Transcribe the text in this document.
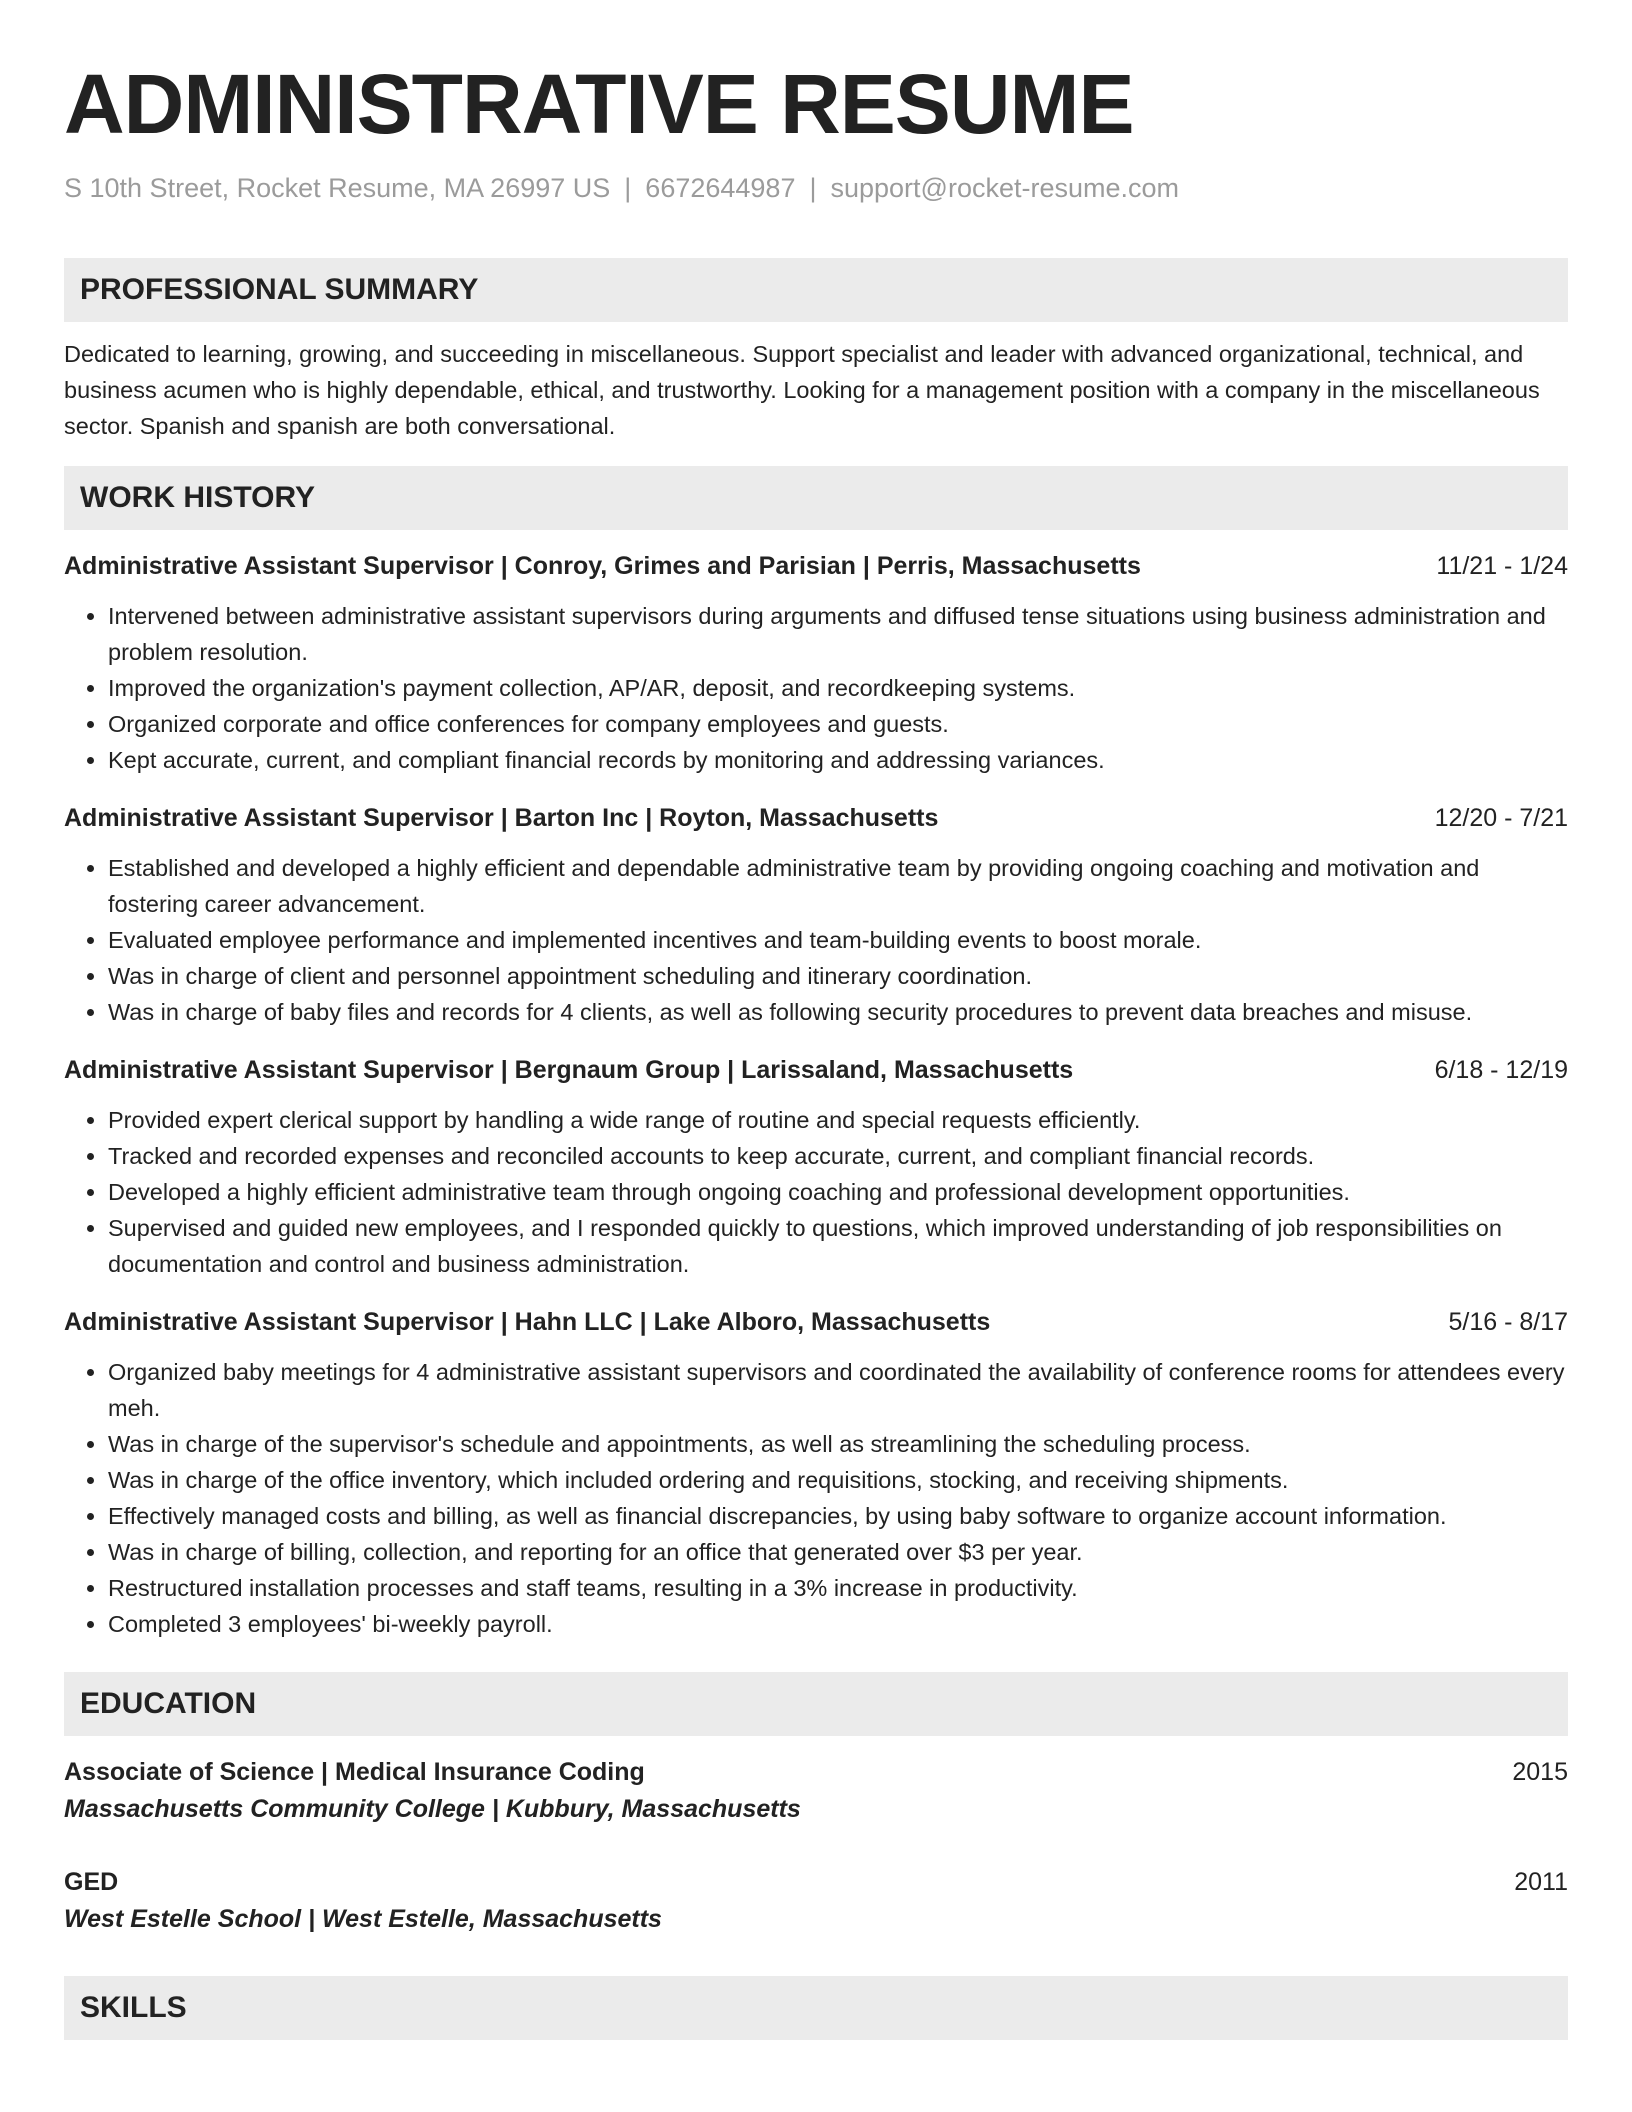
ADMINISTRATIVE RESUME
S 10th Street, Rocket Resume, MA 26997 US | 6672644987 | support@rocket-resume.com
PROFESSIONAL SUMMARY

Dedicated to learning, growing, and succeeding in miscellaneous. Support specialist and leader with advanced organizational, technical, and business acumen who is highly dependable, ethical, and trustworthy. Looking for a management position with a company in the miscellaneous sector. Spanish and spanish are both conversational.

WORK HISTORY
Administrative Assistant Supervisor | Conroy, Grimes and Parisian | Perris, Massachusetts	11/21 - 1/24
• Intervened between administrative assistant supervisors during arguments and diffused tense situations using business administration and problem resolution.
• Improved the organization's payment collection, AP/AR, deposit, and recordkeeping systems.
• Organized corporate and office conferences for company employees and guests.
• Kept accurate, current, and compliant financial records by monitoring and addressing variances.
Administrative Assistant Supervisor | Barton Inc | Royton, Massachusetts	12/20 - 7/21
• Established and developed a highly efficient and dependable administrative team by providing ongoing coaching and motivation and fostering career advancement.
• Evaluated employee performance and implemented incentives and team-building events to boost morale.
• Was in charge of client and personnel appointment scheduling and itinerary coordination.
• Was in charge of baby files and records for 4 clients, as well as following security procedures to prevent data breaches and misuse.
Administrative Assistant Supervisor | Bergnaum Group | Larissaland, Massachusetts	6/18 - 12/19
• Provided expert clerical support by handling a wide range of routine and special requests efficiently.
• Tracked and recorded expenses and reconciled accounts to keep accurate, current, and compliant financial records.
• Developed a highly efficient administrative team through ongoing coaching and professional development opportunities.
• Supervised and guided new employees, and I responded quickly to questions, which improved understanding of job responsibilities on documentation and control and business administration.
Administrative Assistant Supervisor | Hahn LLC | Lake Alboro, Massachusetts	5/16 - 8/17
• Organized baby meetings for 4 administrative assistant supervisors and coordinated the availability of conference rooms for attendees every meh.
• Was in charge of the supervisor's schedule and appointments, as well as streamlining the scheduling process.
• Was in charge of the office inventory, which included ordering and requisitions, stocking, and receiving shipments.
• Effectively managed costs and billing, as well as financial discrepancies, by using baby software to organize account information.
• Was in charge of billing, collection, and reporting for an office that generated over $3 per year.
• Restructured installation processes and staff teams, resulting in a 3% increase in productivity.
• Completed 3 employees' bi-weekly payroll.
EDUCATION
Associate of Science | Medical Insurance Coding	2015
Massachusetts Community College | Kubbury, Massachusetts
GED	2011
West Estelle School | West Estelle, Massachusetts
SKILLS
